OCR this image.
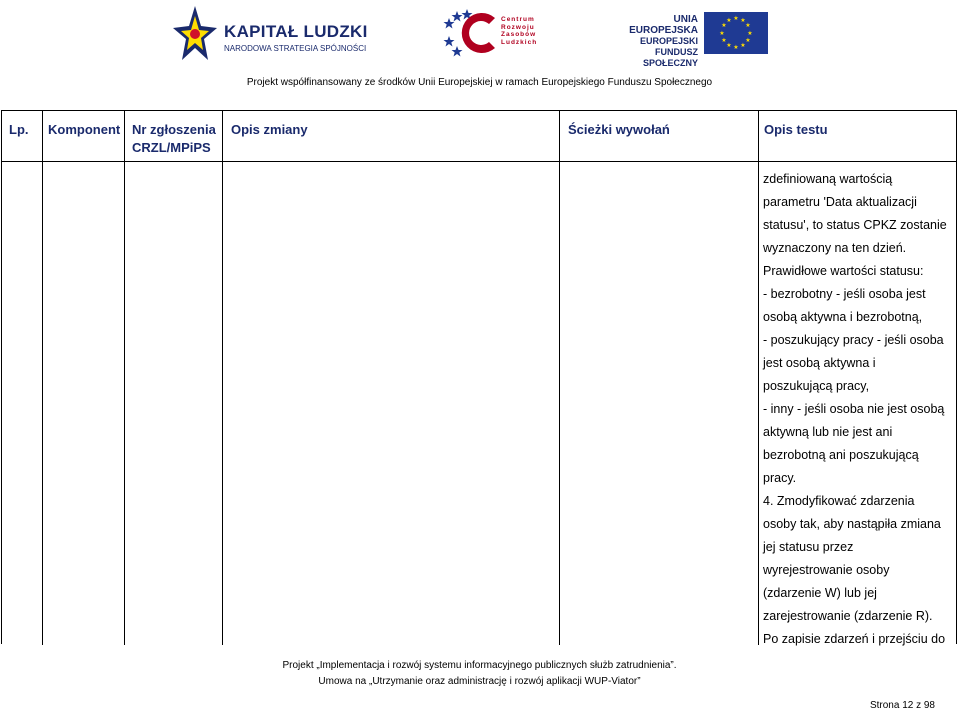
KAPITAŁ LUDZKI
NARODOWA STRATEGIA SPÓJNOŚCI
Centrum
Rozwoju
Zasobów
Ludzkich
UNIA EUROPEJSKA
EUROPEJSKI
FUNDUSZ SPOŁECZNY
★ ★
★
★
★
★
★
★
★
★
★
★
Projekt współfinansowany ze środków Unii Europejskiej w ramach Europejskiego Funduszu Społecznego
Lp. Komponent Nr zgłoszenia
CRZL/MPiPS
Opis zmiany	Ścieżki wywołań	Opis testu
zdefiniowaną wartością
parametru 'Data aktualizacji
statusu', to status CPKZ zostanie
wyznaczony na ten dzień.
Prawidłowe wartości statusu:
- bezrobotny - jeśli osoba jest
osobą aktywna i bezrobotną,
- poszukujący pracy - jeśli osoba
jest osobą aktywna i
poszukującą pracy,
- inny - jeśli osoba nie jest osobą
aktywną lub nie jest ani
bezrobotną ani poszukującą
pracy.
4. Zmodyfikować zdarzenia
osoby tak, aby nastąpiła zmiana
jej statusu przez
wyrejestrowanie osoby
(zdarzenie W) lub jej
zarejestrowanie (zdarzenie R).
Po zapisie zdarzeń i przejściu do
Projekt „Implementacja i rozwój systemu informacyjnego publicznych służb zatrudnienia”.
Umowa na „Utrzymanie oraz administrację i rozwój aplikacji WUP-Viator”
Strona 12 z 98
